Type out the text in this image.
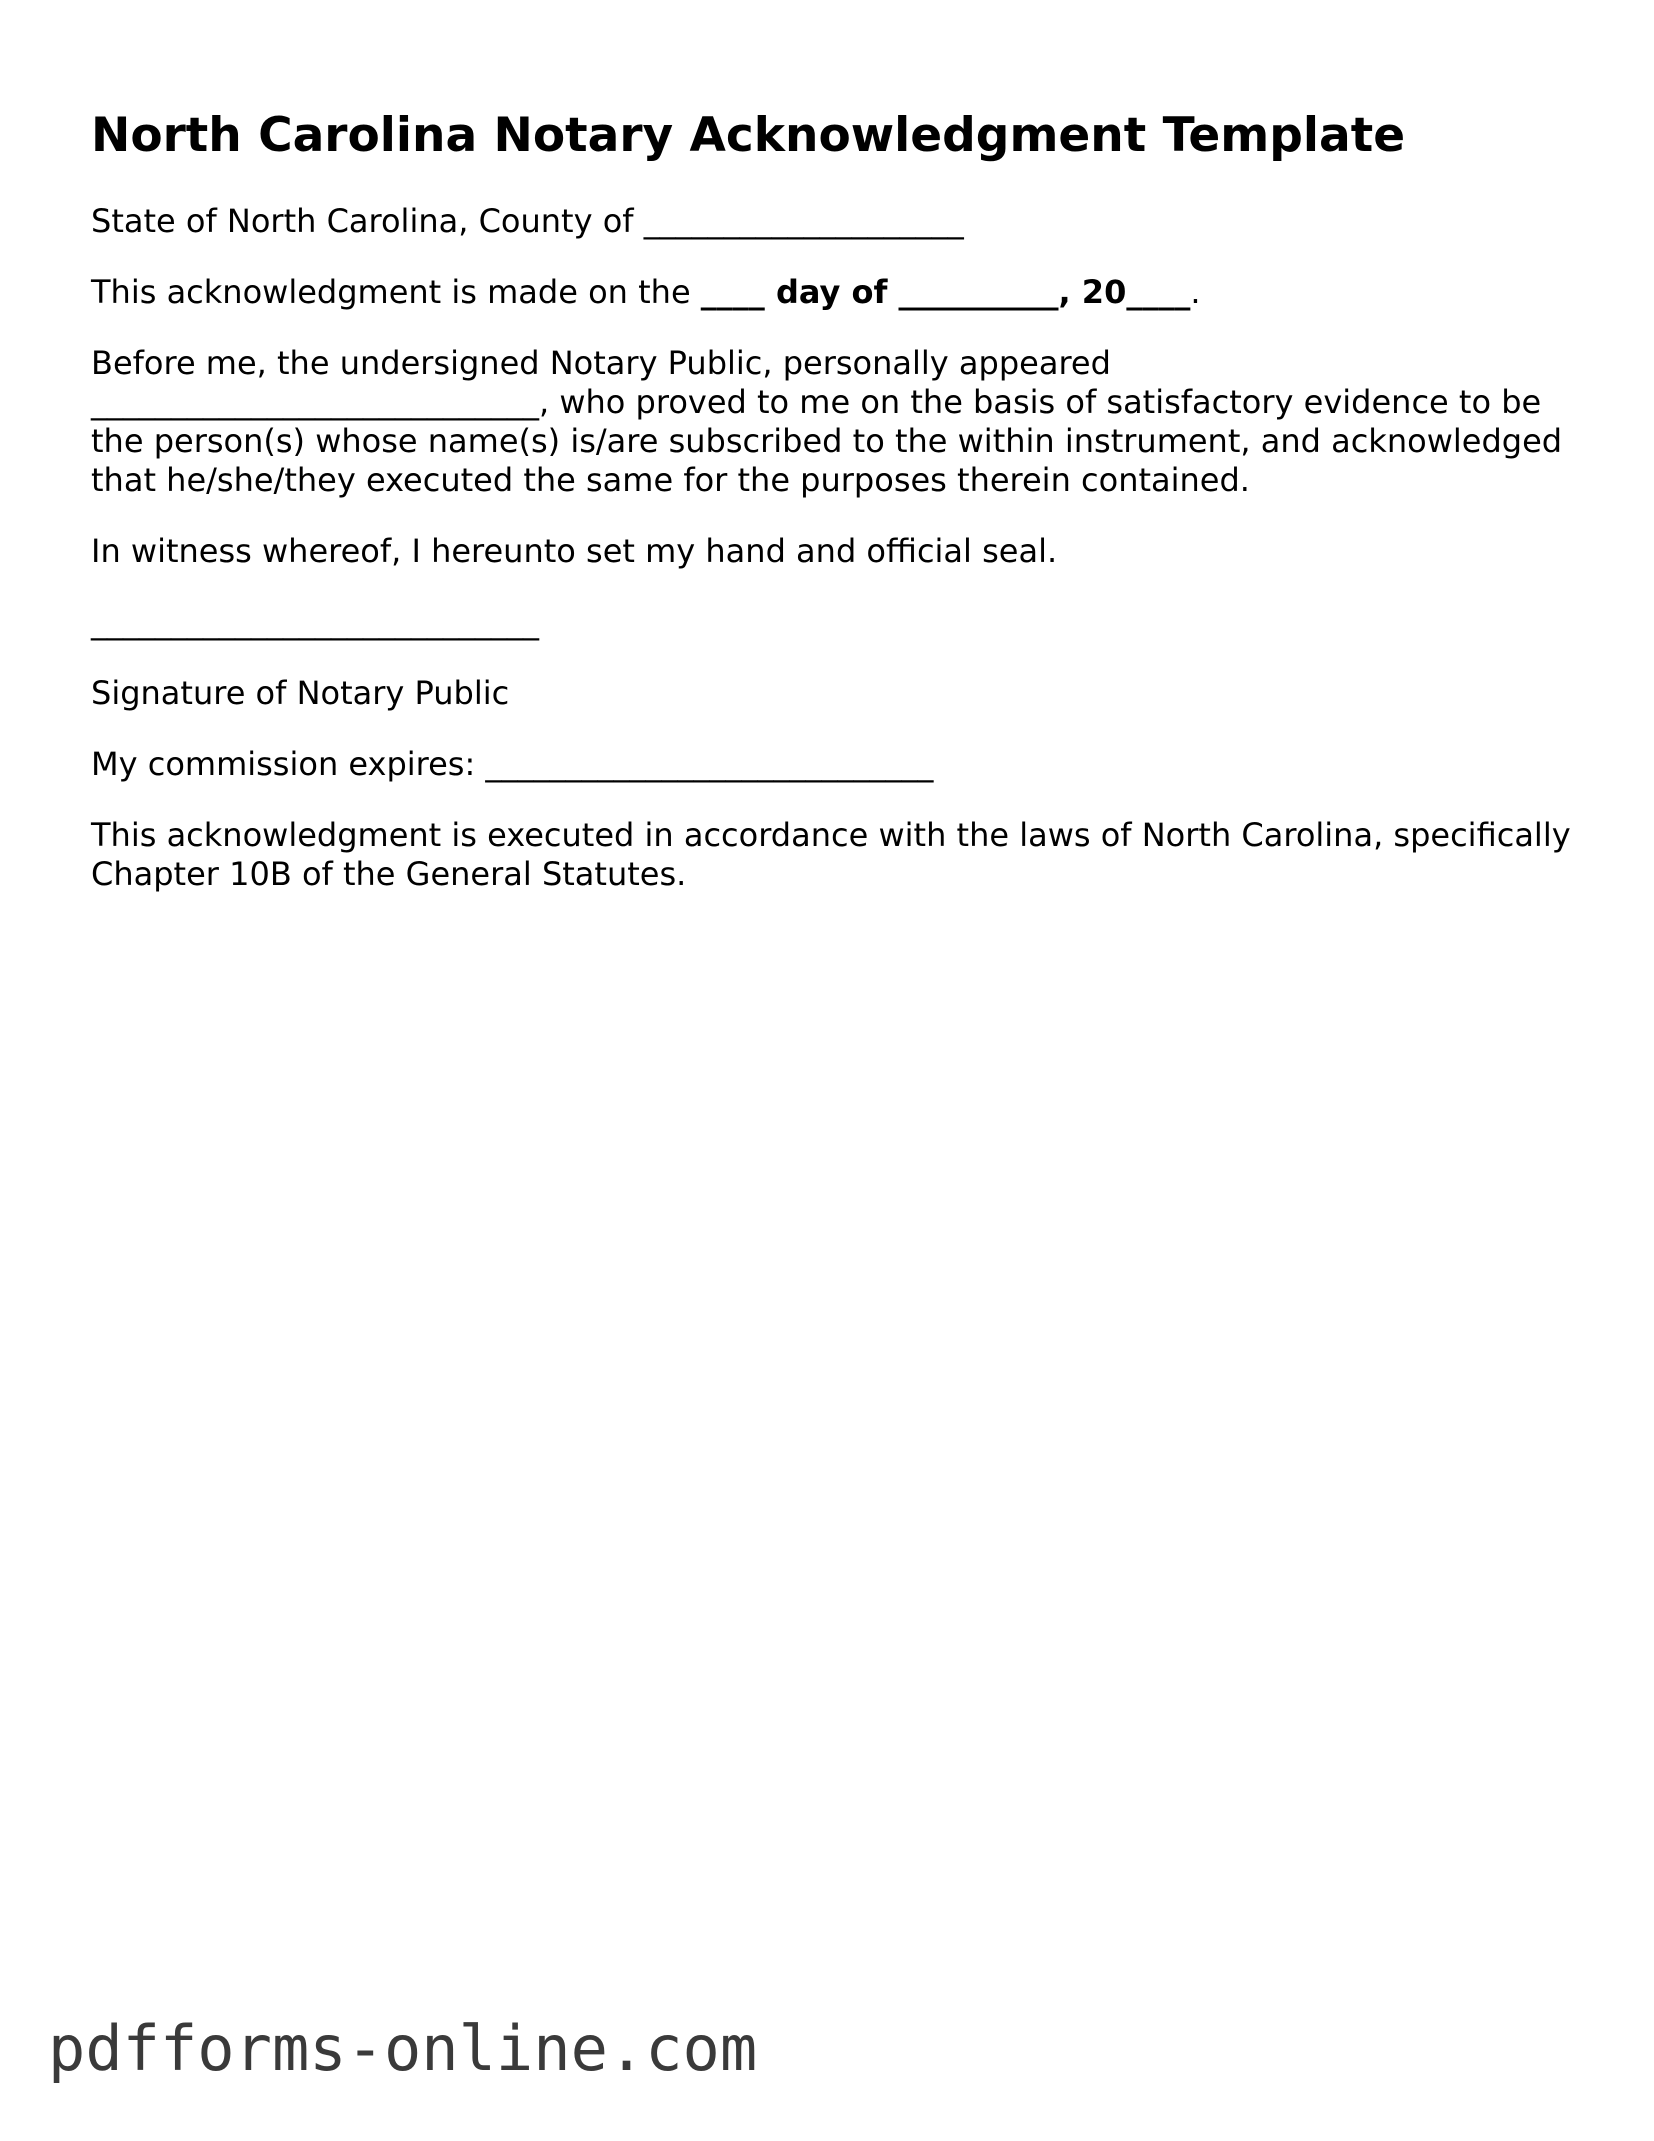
North Carolina Notary Acknowledgment Template

State of North Carolina, County of ____________________

This acknowledgment is made on the ____ day of __________, 20____.

Before me, the undersigned Notary Public, personally appeared
____________________________, who proved to me on the basis of satisfactory evidence to be the person(s) whose name(s) is/are subscribed to the within instrument, and acknowledged that he/she/they executed the same for the purposes therein contained.

In witness whereof, I hereunto set my hand and official seal.

____________________________

Signature of Notary Public

My commission expires: ____________________________

This acknowledgment is executed in accordance with the laws of North Carolina, specifically Chapter 10B of the General Statutes.

pdfforms-online.com
